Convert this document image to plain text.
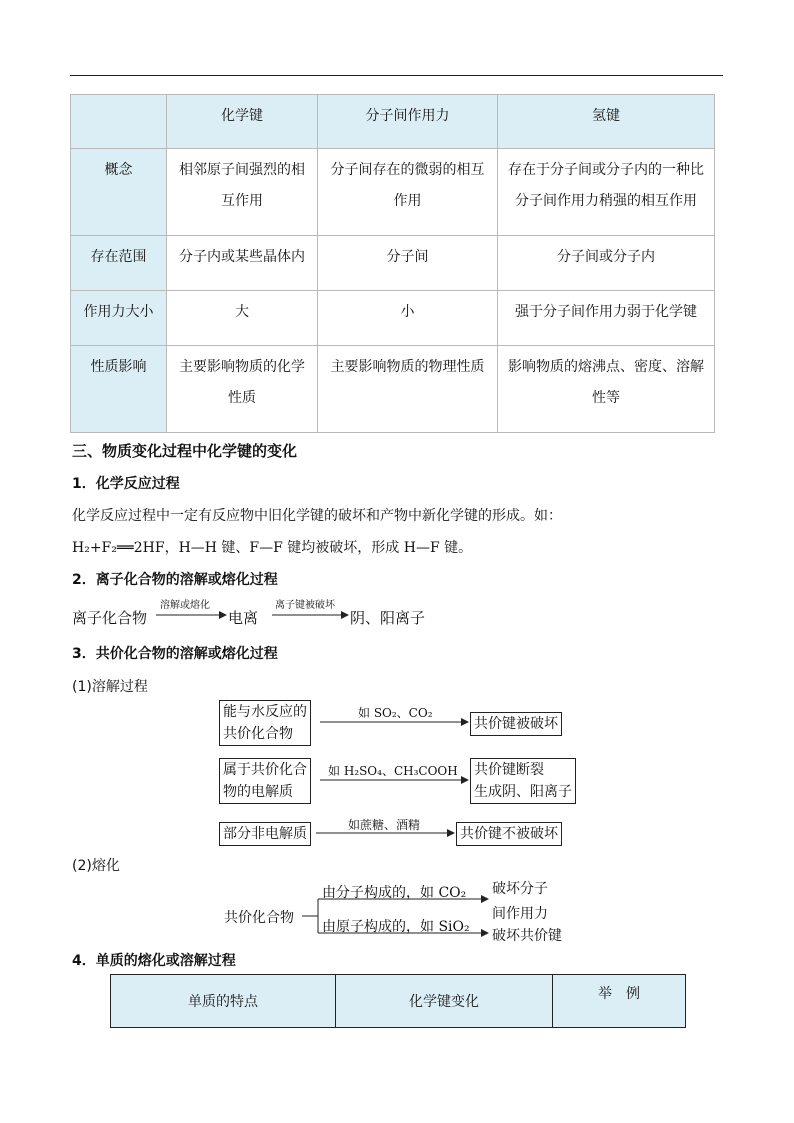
	化学键	分子间作用力	氢键
概念	相邻原子间强烈的相互作用	分子间存在的微弱的相互作用	存在于分子间或分子内的一种比分子间作用力稍强的相互作用
存在范围	分子内或某些晶体内	分子间	分子间或分子内
作用力大小	大	小	强于分子间作用力弱于化学键
性质影响	主要影响物质的化学性质	主要影响物质的物理性质	影响物质的熔沸点、密度、溶解性等
三、物质变化过程中化学键的变化
1．化学反应过程
化学反应过程中一定有反应物中旧化学键的破坏和产物中新化学键的形成。如：
H₂+F₂══2HF，H—H 键、F—F 键均被破坏，形成 H—F 键。
2．离子化合物的溶解或熔化过程
离子化合物
溶解或熔化
电离
离子键被破坏
阴、阳离子
3．共价化合物的溶解或熔化过程
(1)溶解过程
能与水反应的
共价化合物
如 SO₂、CO₂
共价键被破坏
属于共价化合
物的电解质
如 H₂SO₄、CH₃COOH 共价键断裂
生成阴、阳离子
部分非电解质
如蔗糖、酒精
共价键不被破坏
(2)熔化
共价化合物
由分子构成的，如 CO₂
由原子构成的，如 SiO₂
破坏分子
间作用力
破坏共价键
4．单质的熔化或溶解过程
单质的特点	化学键变化	举　例
